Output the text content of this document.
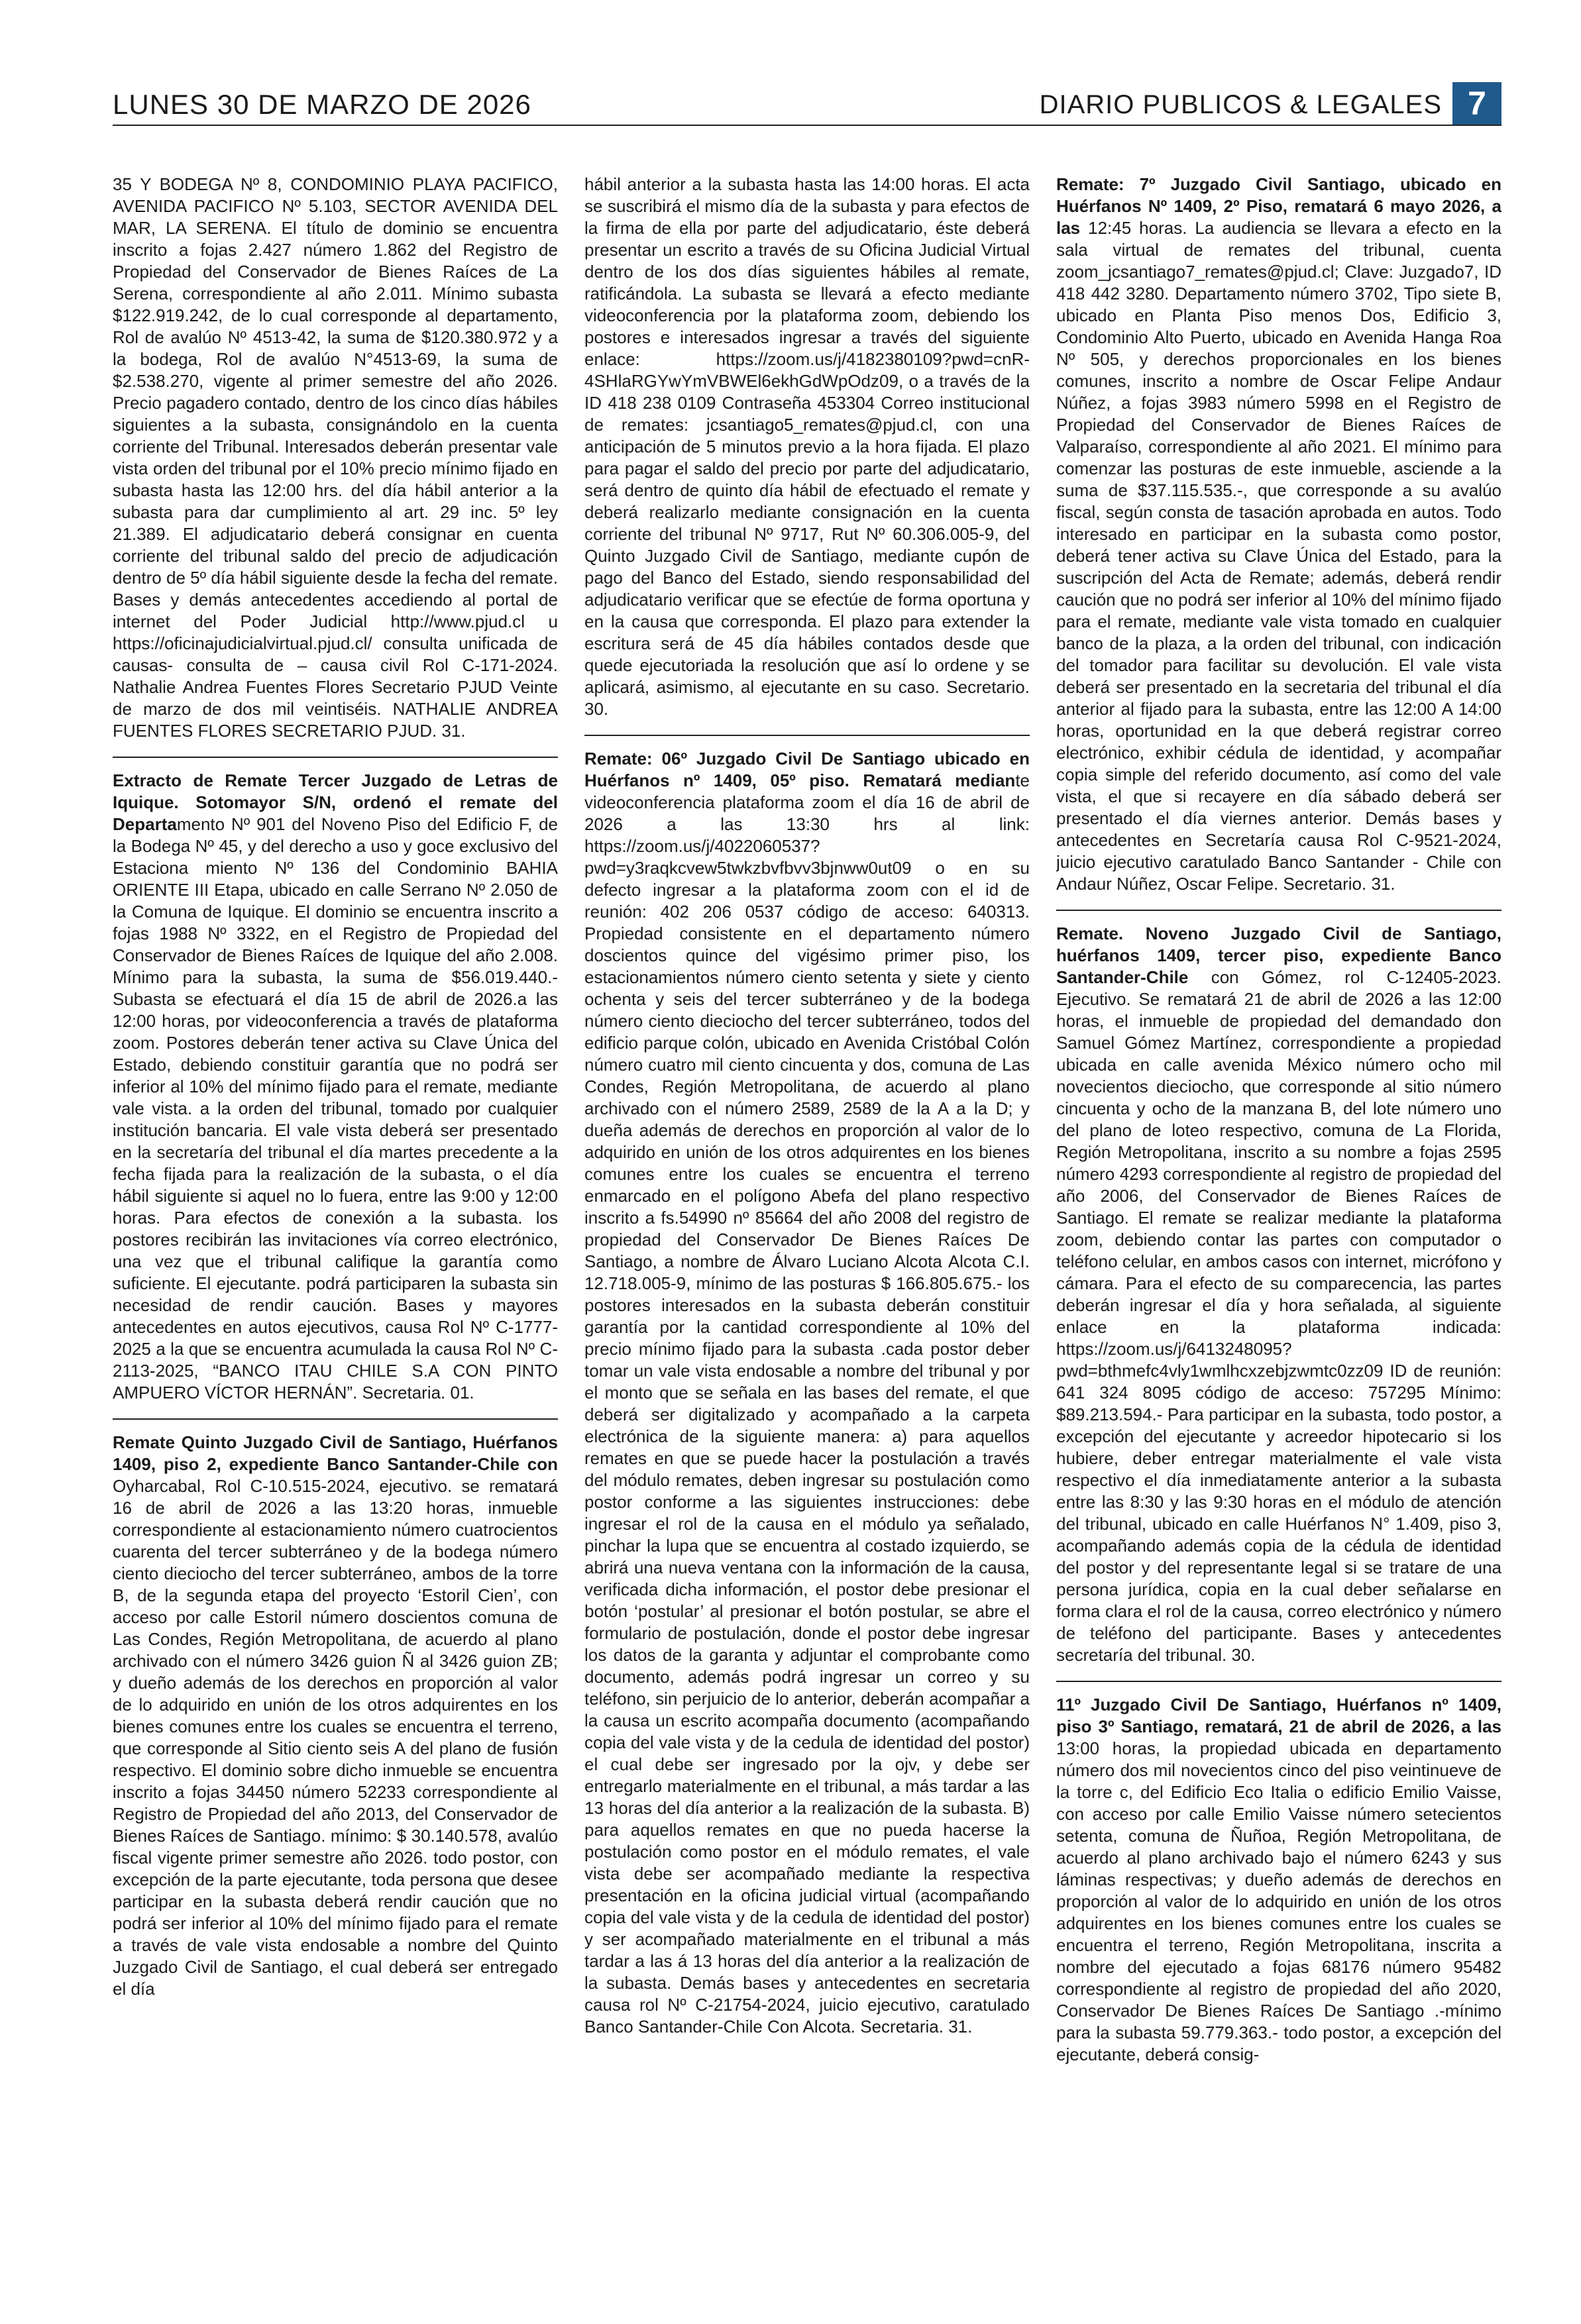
LUNES 30 DE MARZO DE 2026	DIARIO PUBLICOS & LEGALES 7

35 Y BODEGA Nº 8, CONDOMINIO PLAYA PACIFICO, AVENIDA PACIFICO Nº 5.103, SECTOR AVENIDA DEL MAR, LA SERENA. El título de dominio se encuentra inscrito a fojas 2.427 número 1.862 del Registro de Propiedad del Conservador de Bienes Raíces de La Serena, correspondiente al año 2.011. Mínimo subasta $122.919.242, de lo cual corresponde al departamento, Rol de avalúo Nº 4513-42, la suma de $120.380.972 y a la bodega, Rol de avalúo N°4513-69, la suma de $2.538.270, vigente al primer semestre del año 2026. Precio pagadero contado, dentro de los cinco días hábiles siguientes a la subasta, consignándolo en la cuenta corriente del Tribunal. Interesados deberán presentar vale vista orden del tribunal por el 10% precio mínimo fijado en subasta hasta las 12:00 hrs. del día hábil anterior a la subasta para dar cumplimiento al art. 29 inc. 5º ley 21.389. El adjudicatario deberá consignar en cuenta corriente del tribunal saldo del precio de adjudicación dentro de 5º día hábil siguiente desde la fecha del remate. Bases y demás antecedentes accediendo al portal de internet del Poder Judicial http://www.pjud.cl u https://oficinajudicialvirtual.pjud.cl/ consulta unificada de causas- consulta de – causa civil Rol C-171-2024. Nathalie Andrea Fuentes Flores Secretario PJUD Veinte de marzo de dos mil veintiséis. NATHALIE ANDREA FUENTES FLORES SECRETARIO PJUD. 31.

Extracto de Remate Tercer Juzgado de Letras de Iquique. Sotomayor S/N, ordenó el remate del Departamento Nº 901 del Noveno Piso del Edificio F, de la Bodega Nº 45, y del derecho a uso y goce exclusivo del Estaciona miento Nº 136 del Condominio BAHIA ORIENTE III Etapa, ubicado en calle Serrano Nº 2.050 de la Comuna de Iquique. El dominio se encuentra inscrito a fojas 1988 Nº 3322, en el Registro de Propiedad del Conservador de Bienes Raíces de Iquique del año 2.008. Mínimo para la subasta, la suma de $56.019.440.-Subasta se efectuará el día 15 de abril de 2026.a las 12:00 horas, por videoconferencia a través de plataforma zoom. Postores deberán tener activa su Clave Única del Estado, debiendo constituir garantía que no podrá ser inferior al 10% del mínimo fijado para el remate, mediante vale vista. a la orden del tribunal, tomado por cualquier institución bancaria. El vale vista deberá ser presentado en la secretaría del tribunal el día martes precedente a la fecha fijada para la realización de la subasta, o el día hábil siguiente si aquel no lo fuera, entre las 9:00 y 12:00 horas. Para efectos de conexión a la subasta. los postores recibirán las invitaciones vía correo electrónico, una vez que el tribunal califique la garantía como suficiente. El ejecutante. podrá participaren la subasta sin necesidad de rendir caución. Bases y mayores antecedentes en autos ejecutivos, causa Rol Nº C-1777-2025 a la que se encuentra acumulada la causa Rol Nº C-2113-2025, “BANCO ITAU CHILE S.A CON PINTO AMPUERO VÍCTOR HERNÁN”. Secretaria. 01.

Remate Quinto Juzgado Civil de Santiago, Huérfanos 1409, piso 2, expediente Banco Santander-Chile con Oyharcabal, Rol C-10.515-2024, ejecutivo. se rematará 16 de abril de 2026 a las 13:20 horas, inmueble correspondiente al estacionamiento número cuatrocientos cuarenta del tercer subterráneo y de la bodega número ciento dieciocho del tercer subterráneo, ambos de la torre B, de la segunda etapa del proyecto ‘Estoril Cien’, con acceso por calle Estoril número doscientos comuna de Las Condes, Región Metropolitana, de acuerdo al plano archivado con el número 3426 guion Ñ al 3426 guion ZB; y dueño además de los derechos en proporción al valor de lo adquirido en unión de los otros adquirentes en los bienes comunes entre los cuales se encuentra el terreno, que corresponde al Sitio ciento seis A del plano de fusión respectivo. El dominio sobre dicho inmueble se encuentra inscrito a fojas 34450 número 52233 correspondiente al Registro de Propiedad del año 2013, del Conservador de Bienes Raíces de Santiago. mínimo: $ 30.140.578, avalúo fiscal vigente primer semestre año 2026. todo postor, con excepción de la parte ejecutante, toda persona que desee participar en la subasta deberá rendir caución que no podrá ser inferior al 10% del mínimo fijado para el remate a través de vale vista endosable a nombre del Quinto Juzgado Civil de Santiago, el cual deberá ser entregado el día

hábil anterior a la subasta hasta las 14:00 horas. El acta se suscribirá el mismo día de la subasta y para efectos de la firma de ella por parte del adjudicatario, éste deberá presentar un escrito a través de su Oficina Judicial Virtual dentro de los dos días siguientes hábiles al remate, ratificándola. La subasta se llevará a efecto mediante videoconferencia por la plataforma zoom, debiendo los postores e interesados ingresar a través del siguiente enlace: https://zoom.us/j/4182380109?pwd=cnR-4SHlaRGYwYmVBWEl6ekhGdWpOdz09, o a través de la ID 418 238 0109 Contraseña 453304 Correo institucional de remates: jcsantiago5_remates@pjud.cl, con una anticipación de 5 minutos previo a la hora fijada. El plazo para pagar el saldo del precio por parte del adjudicatario, será dentro de quinto día hábil de efectuado el remate y deberá realizarlo mediante consignación en la cuenta corriente del tribunal Nº 9717, Rut Nº 60.306.005-9, del Quinto Juzgado Civil de Santiago, mediante cupón de pago del Banco del Estado, siendo responsabilidad del adjudicatario verificar que se efectúe de forma oportuna y en la causa que corresponda. El plazo para extender la escritura será de 45 día hábiles contados desde que quede ejecutoriada la resolución que así lo ordene y se aplicará, asimismo, al ejecutante en su caso. Secretario. 30.

Remate: 06º Juzgado Civil De Santiago ubicado en Huérfanos nº 1409, 05º piso. Rematará mediante videoconferencia plataforma zoom el día 16 de abril de 2026 a las 13:30 hrs al link: https://zoom.us/j/4022060537?pwd=y3raqkcvew5twkzbvfbvv3bjnww0ut09 o en su defecto ingresar a la plataforma zoom con el id de reunión: 402 206 0537 código de acceso: 640313. Propiedad consistente en el departamento número doscientos quince del vigésimo primer piso, los estacionamientos número ciento setenta y siete y ciento ochenta y seis del tercer subterráneo y de la bodega número ciento dieciocho del tercer subterráneo, todos del edificio parque colón, ubicado en Avenida Cristóbal Colón número cuatro mil ciento cincuenta y dos, comuna de Las Condes, Región Metropolitana, de acuerdo al plano archivado con el número 2589, 2589 de la A a la D; y dueña además de derechos en proporción al valor de lo adquirido en unión de los otros adquirentes en los bienes comunes entre los cuales se encuentra el terreno enmarcado en el polígono Abefa del plano respectivo inscrito a fs.54990 nº 85664 del año 2008 del registro de propiedad del Conservador De Bienes Raíces De Santiago, a nombre de Álvaro Luciano Alcota Alcota C.I. 12.718.005-9, mínimo de las posturas $ 166.805.675.- los postores interesados en la subasta deberán constituir garantía por la cantidad correspondiente al 10% del precio mínimo fijado para la subasta .cada postor deber tomar un vale vista endosable a nombre del tribunal y por el monto que se señala en las bases del remate, el que deberá ser digitalizado y acompañado a la carpeta electrónica de la siguiente manera: a) para aquellos remates en que se puede hacer la postulación a través del módulo remates, deben ingresar su postulación como postor conforme a las siguientes instrucciones: debe ingresar el rol de la causa en el módulo ya señalado, pinchar la lupa que se encuentra al costado izquierdo, se abrirá una nueva ventana con la información de la causa, verificada dicha información, el postor debe presionar el botón ‘postular’ al presionar el botón postular, se abre el formulario de postulación, donde el postor debe ingresar los datos de la garanta y adjuntar el comprobante como documento, además podrá ingresar un correo y su teléfono, sin perjuicio de lo anterior, deberán acompañar a la causa un escrito acompaña documento (acompañando copia del vale vista y de la cedula de identidad del postor) el cual debe ser ingresado por la ojv, y debe ser entregarlo materialmente en el tribunal, a más tardar a las 13 horas del día anterior a la realización de la subasta. B) para aquellos remates en que no pueda hacerse la postulación como postor en el módulo remates, el vale vista debe ser acompañado mediante la respectiva presentación en la oficina judicial virtual (acompañando copia del vale vista y de la cedula de identidad del postor) y ser acompañado materialmente en el tribunal a más tardar a las á 13 horas del día anterior a la realización de la subasta. Demás bases y antecedentes en secretaria causa rol Nº C-21754-2024, juicio ejecutivo, caratulado Banco Santander-Chile Con Alcota. Secretaria. 31.

Remate: 7º Juzgado Civil Santiago, ubicado en Huérfanos Nº 1409, 2º Piso, rematará 6 mayo 2026, a las 12:45 horas. La audiencia se llevara a efecto en la sala virtual de remates del tribunal, cuenta zoom_jcsantiago7_remates@pjud.cl; Clave: Juzgado7, ID 418 442 3280. Departamento número 3702, Tipo siete B, ubicado en Planta Piso menos Dos, Edificio 3, Condominio Alto Puerto, ubicado en Avenida Hanga Roa Nº 505, y derechos proporcionales en los bienes comunes, inscrito a nombre de Oscar Felipe Andaur Núñez, a fojas 3983 número 5998 en el Registro de Propiedad del Conservador de Bienes Raíces de Valparaíso, correspondiente al año 2021. El mínimo para comenzar las posturas de este inmueble, asciende a la suma de $37.115.535.-, que corresponde a su avalúo fiscal, según consta de tasación aprobada en autos. Todo interesado en participar en la subasta como postor, deberá tener activa su Clave Única del Estado, para la suscripción del Acta de Remate; además, deberá rendir caución que no podrá ser inferior al 10% del mínimo fijado para el remate, mediante vale vista tomado en cualquier banco de la plaza, a la orden del tribunal, con indicación del tomador para facilitar su devolución. El vale vista deberá ser presentado en la secretaria del tribunal el día anterior al fijado para la subasta, entre las 12:00 A 14:00 horas, oportunidad en la que deberá registrar correo electrónico, exhibir cédula de identidad, y acompañar copia simple del referido documento, así como del vale vista, el que si recayere en día sábado deberá ser presentado el día viernes anterior. Demás bases y antecedentes en Secretaría causa Rol C-9521-2024, juicio ejecutivo caratulado Banco Santander - Chile con Andaur Núñez, Oscar Felipe. Secretario. 31.

Remate. Noveno Juzgado Civil de Santiago, huérfanos 1409, tercer piso, expediente Banco Santander-Chile con Gómez, rol C-12405-2023. Ejecutivo. Se rematará 21 de abril de 2026 a las 12:00 horas, el inmueble de propiedad del demandado don Samuel Gómez Martínez, correspondiente a propiedad ubicada en calle avenida México número ocho mil novecientos dieciocho, que corresponde al sitio número cincuenta y ocho de la manzana B, del lote número uno del plano de loteo respectivo, comuna de La Florida, Región Metropolitana, inscrito a su nombre a fojas 2595 número 4293 correspondiente al registro de propiedad del año 2006, del Conservador de Bienes Raíces de Santiago. El remate se realizar mediante la plataforma zoom, debiendo contar las partes con computador o teléfono celular, en ambos casos con internet, micrófono y cámara. Para el efecto de su comparecencia, las partes deberán ingresar el día y hora señalada, al siguiente enlace en la plataforma indicada: https://zoom.us/j/6413248095?pwd=bthmefc4vly1wmlhcxzebjzwmtc0zz09 ID de reunión: 641 324 8095 código de acceso: 757295 Mínimo: $89.213.594.- Para participar en la subasta, todo postor, a excepción del ejecutante y acreedor hipotecario si los hubiere, deber entregar materialmente el vale vista respectivo el día inmediatamente anterior a la subasta entre las 8:30 y las 9:30 horas en el módulo de atención del tribunal, ubicado en calle Huérfanos N° 1.409, piso 3, acompañando además copia de la cédula de identidad del postor y del representante legal si se tratare de una persona jurídica, copia en la cual deber señalarse en forma clara el rol de la causa, correo electrónico y número de teléfono del participante. Bases y antecedentes secretaría del tribunal. 30.

11º Juzgado Civil De Santiago, Huérfanos nº 1409, piso 3º Santiago, rematará, 21 de abril de 2026, a las 13:00 horas, la propiedad ubicada en departamento número dos mil novecientos cinco del piso veintinueve de la torre c, del Edificio Eco Italia o edificio Emilio Vaisse, con acceso por calle Emilio Vaisse número setecientos setenta, comuna de Ñuñoa, Región Metropolitana, de acuerdo al plano archivado bajo el número 6243 y sus láminas respectivas; y dueño además de derechos en proporción al valor de lo adquirido en unión de los otros adquirentes en los bienes comunes entre los cuales se encuentra el terreno, Región Metropolitana, inscrita a nombre del ejecutado a fojas 68176 número 95482 correspondiente al registro de propiedad del año 2020, Conservador De Bienes Raíces De Santiago .-mínimo para la subasta 59.779.363.- todo postor, a excepción del ejecutante, deberá consig-
